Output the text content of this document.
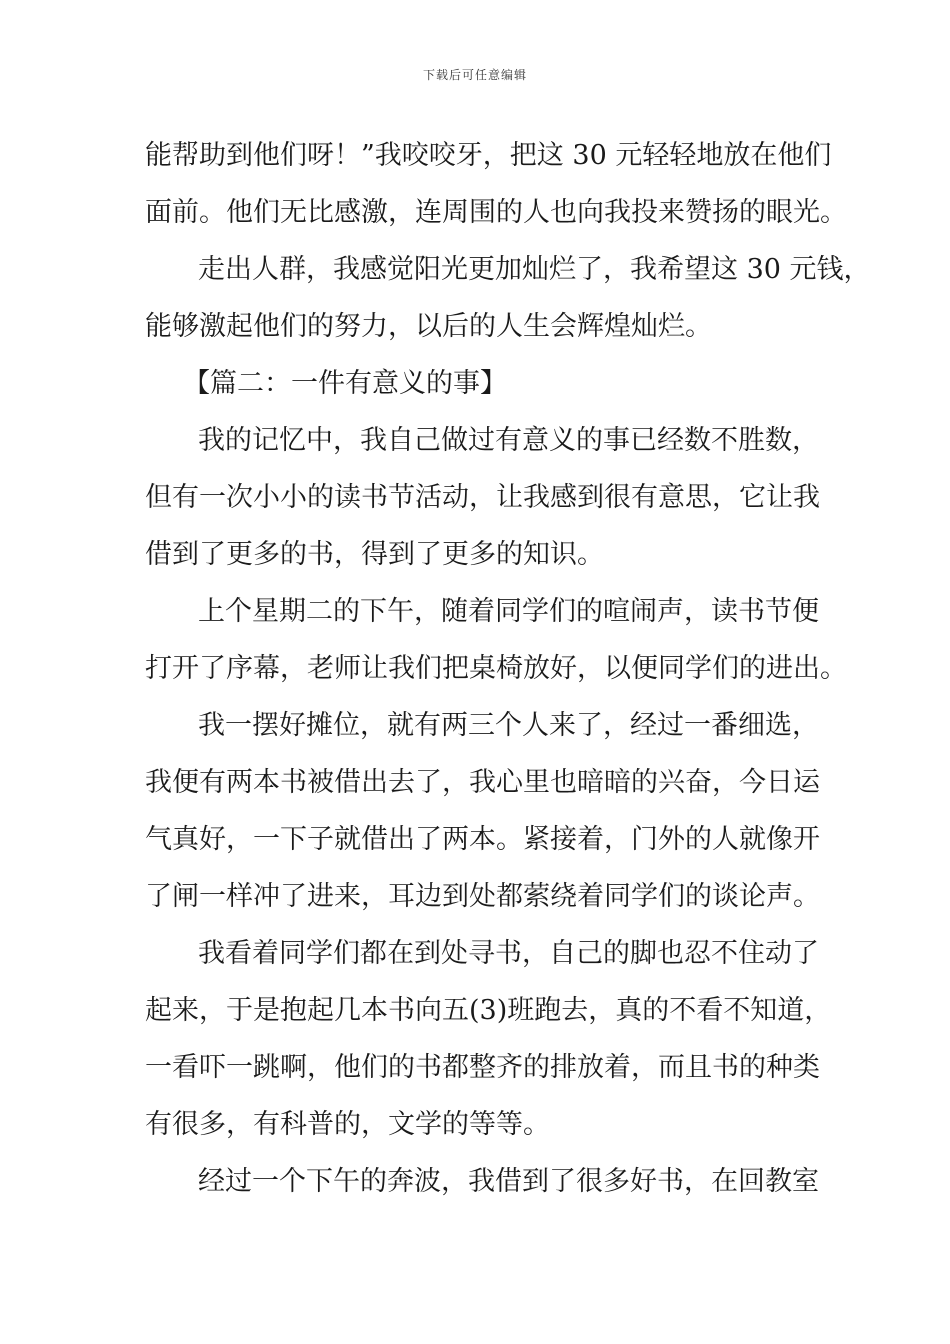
下载后可任意编辑
能帮助到他们呀！”我咬咬牙，把这 30 元轻轻地放在他们
面前。他们无比感激，连周围的人也向我投来赞扬的眼光。
走出人群，我感觉阳光更加灿烂了，我希望这 30 元钱，
能够激起他们的努力，以后的人生会辉煌灿烂。
【篇二：一件有意义的事】
我的记忆中，我自己做过有意义的事已经数不胜数，
但有一次小小的读书节活动，让我感到很有意思，它让我
借到了更多的书，得到了更多的知识。
上个星期二的下午，随着同学们的喧闹声，读书节便
打开了序幕，老师让我们把桌椅放好，以便同学们的进出。
我一摆好摊位，就有两三个人来了，经过一番细选，
我便有两本书被借出去了，我心里也暗暗的兴奋，今日运
气真好，一下子就借出了两本。紧接着，门外的人就像开
了闸一样冲了进来，耳边到处都萦绕着同学们的谈论声。
我看着同学们都在到处寻书，自己的脚也忍不住动了
起来，于是抱起几本书向五(3)班跑去，真的不看不知道，
一看吓一跳啊，他们的书都整齐的排放着，而且书的种类
有很多，有科普的，文学的等等。
经过一个下午的奔波，我借到了很多好书，在回教室
